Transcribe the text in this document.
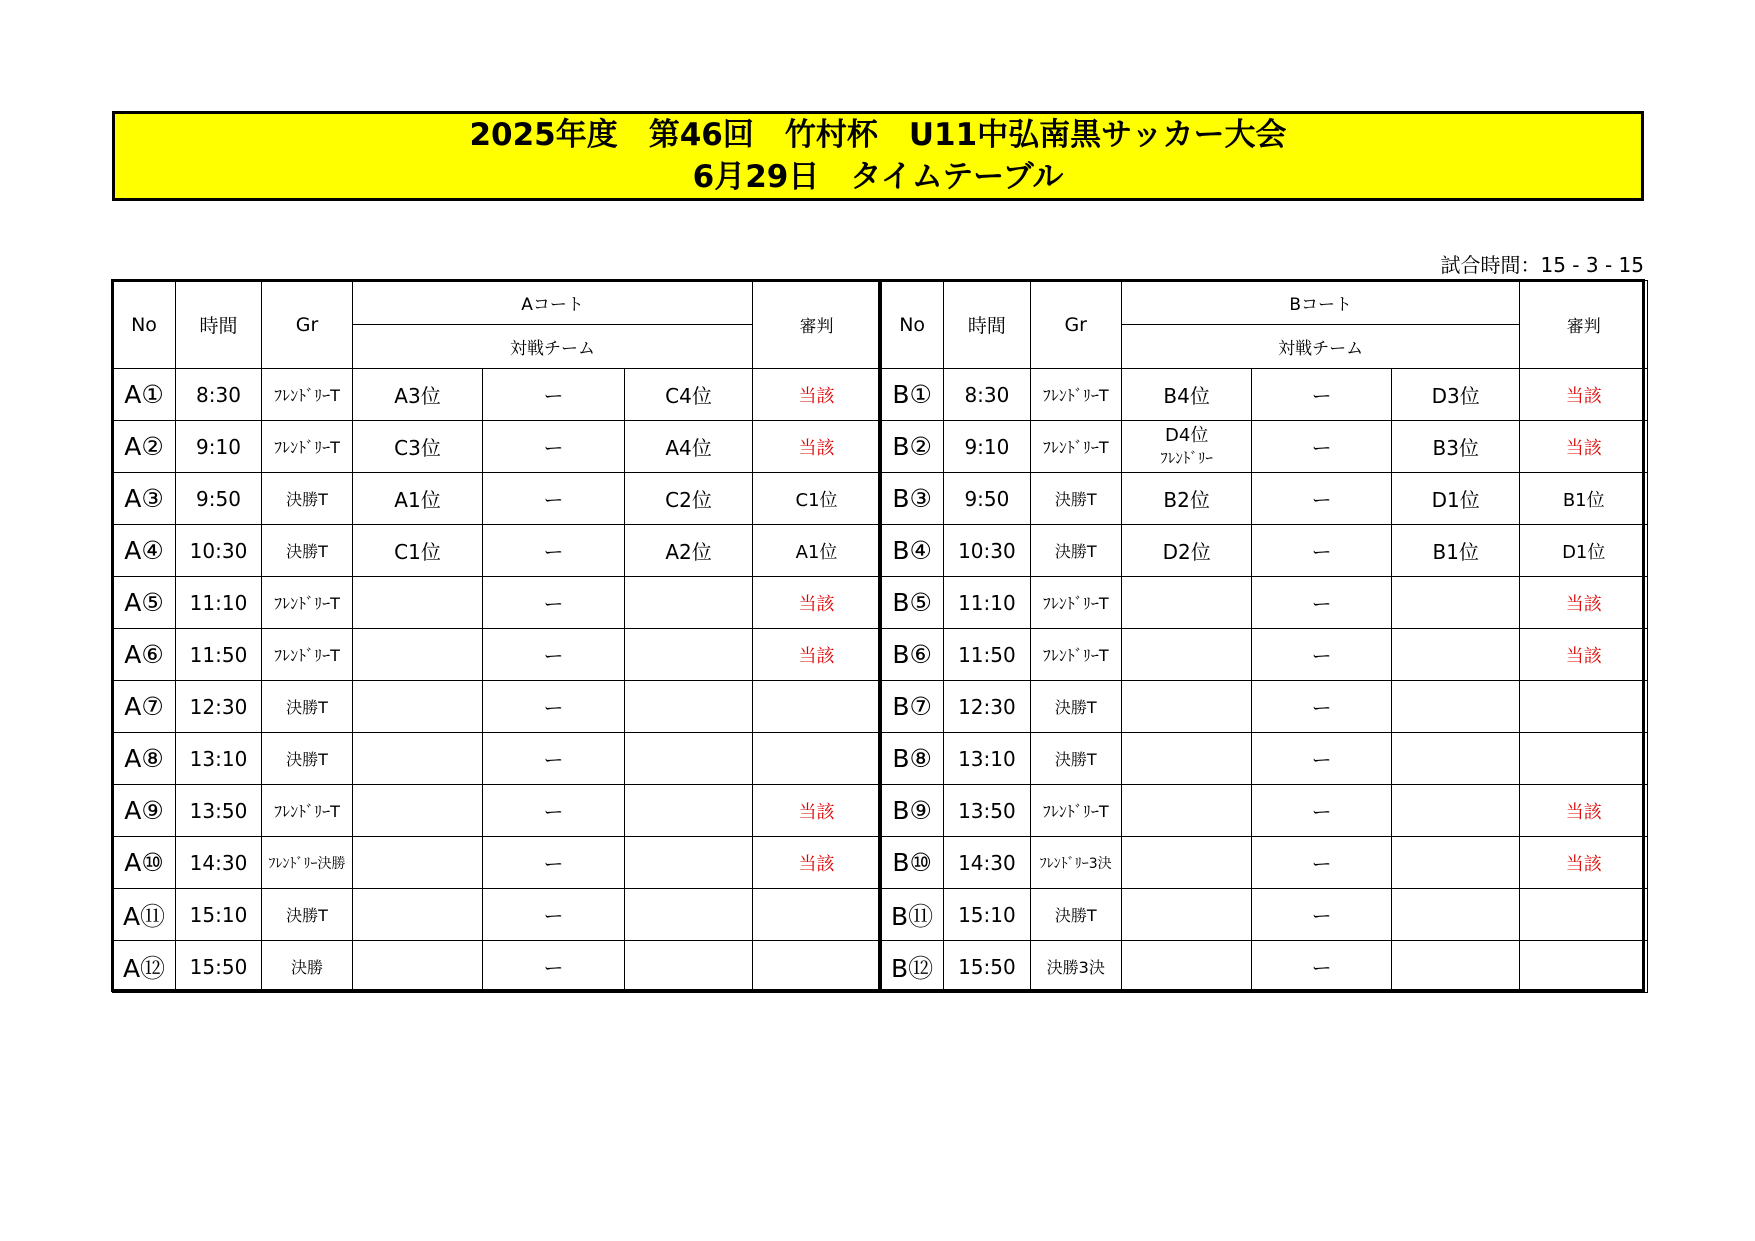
2025年度　第46回　竹村杯　U11中弘南黒サッカー大会
6月29日　タイムテーブル
試合時間：15 - 3 - 15
No	時間	Gr	Aコート			審判
			対戦チーム			
A①	8:30	ﾌﾚﾝﾄﾞﾘｰT	A3位	ー	C4位	当該
A②	9:10	ﾌﾚﾝﾄﾞﾘｰT	C3位	ー	A4位	当該
A③	9:50	決勝T	A1位	ー	C2位	C1位
A④	10:30	決勝T	C1位	ー	A2位	A1位
A⑤	11:10	ﾌﾚﾝﾄﾞﾘｰT		ー		当該
A⑥	11:50	ﾌﾚﾝﾄﾞﾘｰT		ー		当該
A⑦	12:30	決勝T		ー		
A⑧	13:10	決勝T		ー		
A⑨	13:50	ﾌﾚﾝﾄﾞﾘｰT		ー		当該
A⑩	14:30	ﾌﾚﾝﾄﾞﾘｰ決勝		ー		当該
A⑪	15:10	決勝T		ー		
A⑫	15:50	決勝		ー		
No	時間	Gr	Bコート			審判
			対戦チーム			
B①	8:30	ﾌﾚﾝﾄﾞﾘｰT	B4位	ー	D3位	当該
B②	9:10	ﾌﾚﾝﾄﾞﾘｰT	D4位
ﾌﾚﾝﾄﾞﾘｰ	ー	B3位	当該
B③	9:50	決勝T	B2位	ー	D1位	B1位
B④	10:30	決勝T	D2位	ー	B1位	D1位
B⑤	11:10	ﾌﾚﾝﾄﾞﾘｰT		ー		当該
B⑥	11:50	ﾌﾚﾝﾄﾞﾘｰT		ー		当該
B⑦	12:30	決勝T		ー		
B⑧	13:10	決勝T		ー		
B⑨	13:50	ﾌﾚﾝﾄﾞﾘｰT		ー		当該
B⑩	14:30	ﾌﾚﾝﾄﾞﾘｰ3決		ー		当該
B⑪	15:10	決勝T		ー		
B⑫	15:50	決勝3決		ー		
